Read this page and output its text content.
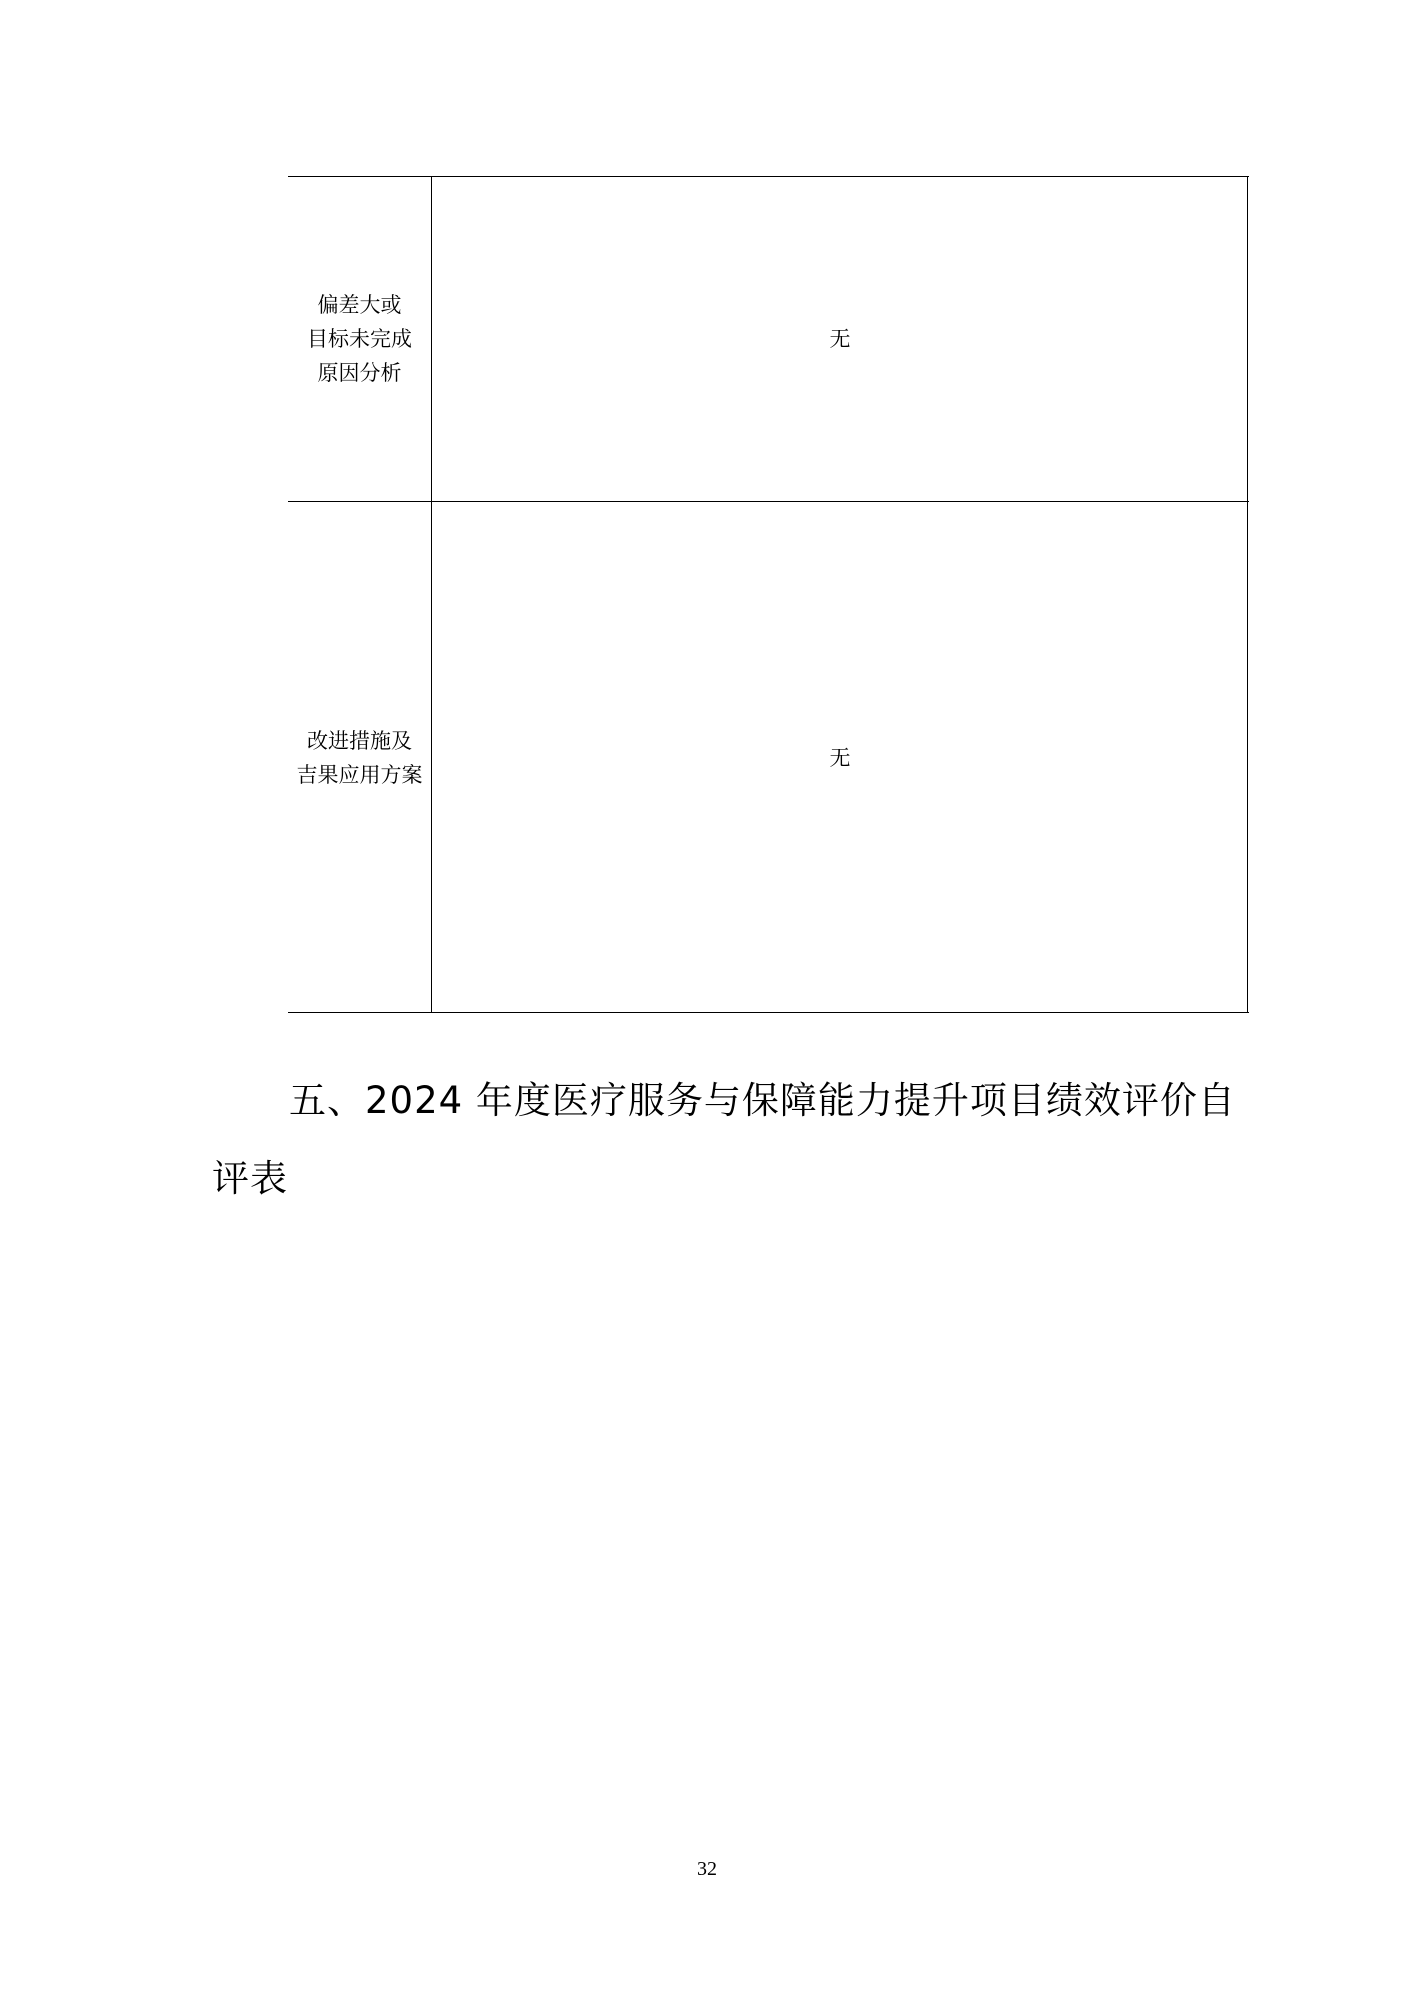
偏差大或
目标未完成
原因分析
无
改进措施及
吉果应用方案
无
五、2024 年度医疗服务与保障能力提升项目绩效评价自
评表
32
